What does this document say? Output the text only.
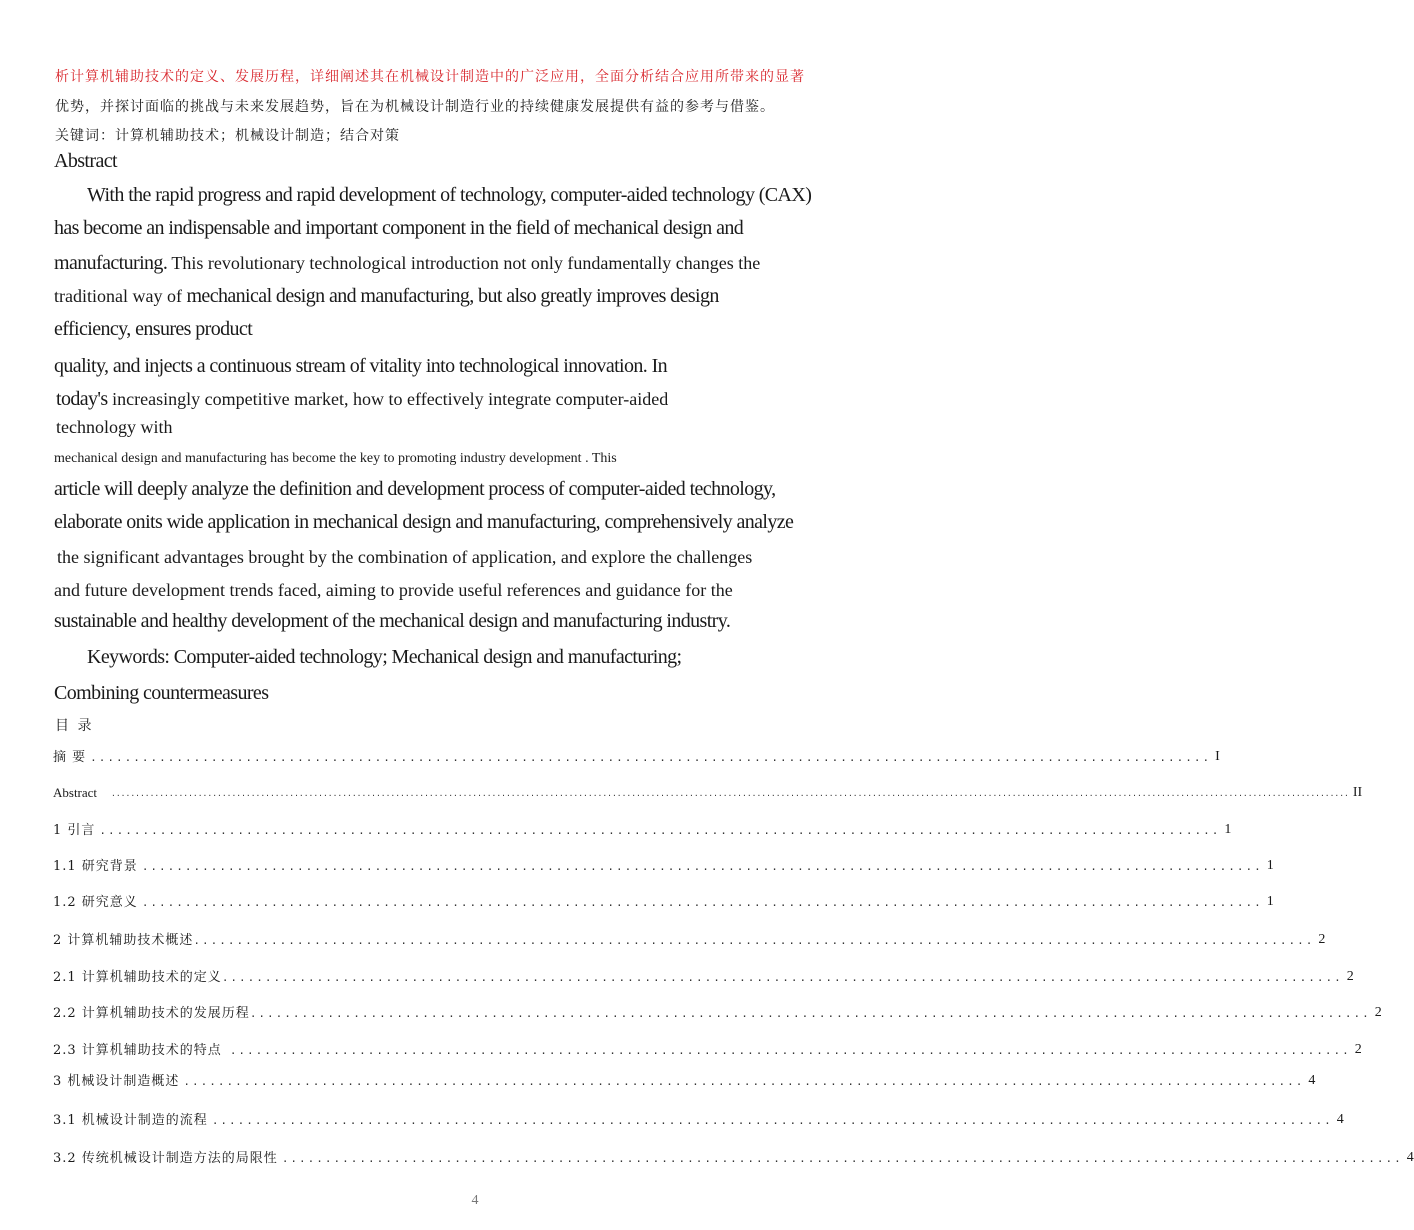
析计算机辅助技术的定义、发展历程，详细阐述其在机械设计制造中的广泛应用，全面分析结合应用所带来的显著
优势，并探讨面临的挑战与未来发展趋势，旨在为机械设计制造行业的持续健康发展提供有益的参考与借鉴。
关键词：计算机辅助技术；机械设计制造；结合对策
Abstract
With the rapid progress and rapid development of technology, computer-aided technology (CAX)
has become an indispensable and important component in the field of mechanical design and
manufacturing. This revolutionary technological introduction not only fundamentally changes the
traditional way of mechanical design and manufacturing, but also greatly improves design
efficiency, ensures product
quality, and injects a continuous stream of vitality into technological innovation. In
today's increasingly competitive market, how to effectively integrate computer-aided
technology with
mechanical design and manufacturing has become the key to promoting industry development . This
article will deeply analyze the definition and development process of computer-aided technology,
elaborate onits wide application in mechanical design and manufacturing, comprehensively analyze
the significant advantages brought by the combination of application, and explore the challenges
and future development trends faced, aiming to provide useful references and guidance for the
sustainable and healthy development of the mechanical design and manufacturing industry.
Keywords: Computer-aided technology; Mechanical design and manufacturing;
Combining countermeasures
目 录
摘 要 .................................................................................................................................. I
Abstract ................................................................................................................................................................................................................................................................. II
1 引言 .................................................................................................................................. 1
1.1 研究背景 .................................................................................................................................. 1
1.2 研究意义 .................................................................................................................................. 1
2 计算机辅助技术概述 .................................................................................................................................. 2
2.1 计算机辅助技术的定义 .................................................................................................................................. 2
2.2 计算机辅助技术的发展历程 .................................................................................................................................. 2
2.3 计算机辅助技术的特点 .................................................................................................................................. 2
3 机械设计制造概述 .................................................................................................................................. 4
3.1 机械设计制造的流程 .................................................................................................................................. 4
3.2 传统机械设计制造方法的局限性 .................................................................................................................................. 4
4
